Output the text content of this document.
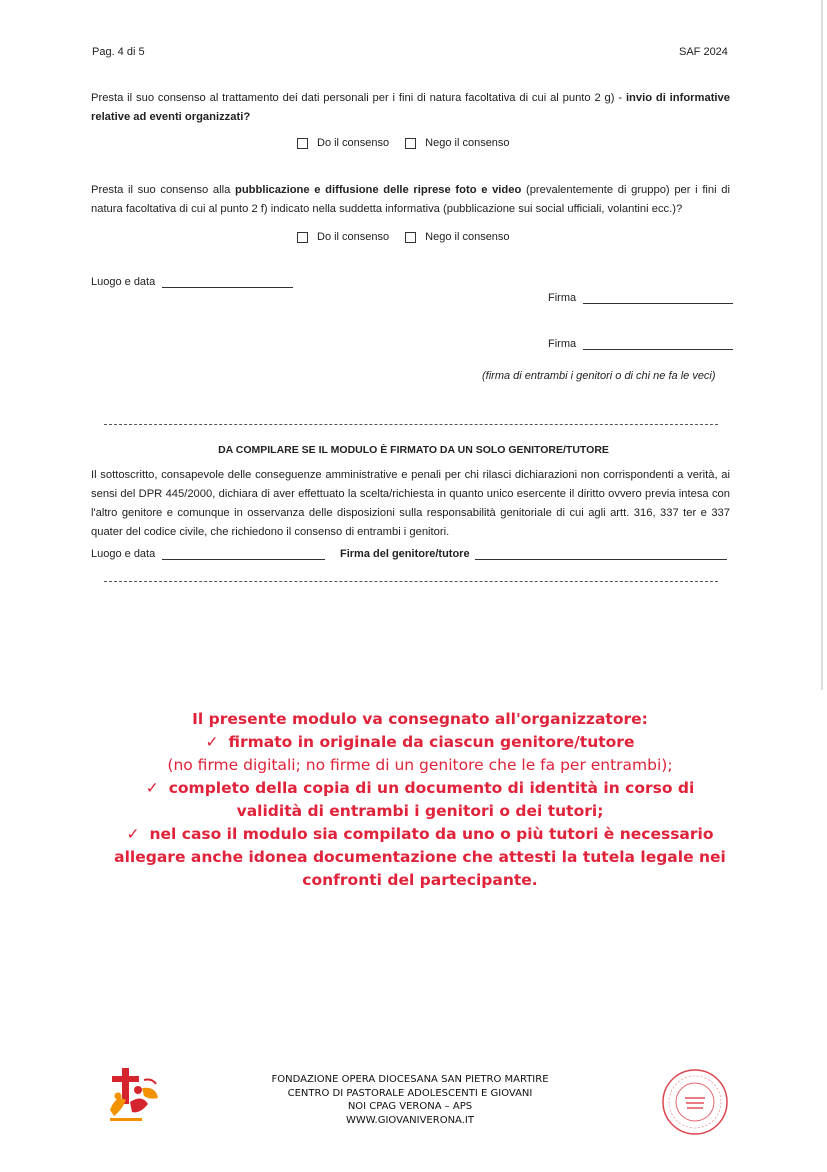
Pag. 4 di 5	SAF 2024
Presta il suo consenso al trattamento dei dati personali per i fini di natura facoltativa di cui al punto 2 g) - invio di informative relative ad eventi organizzati?
Do il consenso	Nego il consenso
Presta il suo consenso alla pubblicazione e diffusione delle riprese foto e video (prevalentemente di gruppo) per i fini di natura facoltativa di cui al punto 2 f) indicato nella suddetta informativa (pubblicazione sui social ufficiali, volantini ecc.)?
Do il consenso	Nego il consenso
Luogo e data
Firma
Firma
(firma di entrambi i genitori o di chi ne fa le veci)
DA COMPILARE SE IL MODULO È FIRMATO DA UN SOLO GENITORE/TUTORE
Il sottoscritto, consapevole delle conseguenze amministrative e penali per chi rilasci dichiarazioni non corrispondenti a verità, ai sensi del DPR 445/2000, dichiara di aver effettuato la scelta/richiesta in quanto unico esercente il diritto ovvero previa intesa con l'altro genitore e comunque in osservanza delle disposizioni sulla responsabilità genitoriale di cui agli artt. 316, 337 ter e 337 quater del codice civile, che richiedono il consenso di entrambi i genitori.
Luogo e data	Firma del genitore/tutore
Il presente modulo va consegnato all'organizzatore:
✓ firmato in originale da ciascun genitore/tutore
(no firme digitali; no firme di un genitore che le fa per entrambi);
✓ completo della copia di un documento di identità in corso di validità di entrambi i genitori o dei tutori;
✓ nel caso il modulo sia compilato da uno o più tutori è necessario allegare anche idonea documentazione che attesti la tutela legale nei confronti del partecipante.
FONDAZIONE OPERA DIOCESANA SAN PIETRO MARTIRE
CENTRO DI PASTORALE ADOLESCENTI E GIOVANI
NOI CPAG VERONA – APS
WWW.GIOVANIVERONA.IT
